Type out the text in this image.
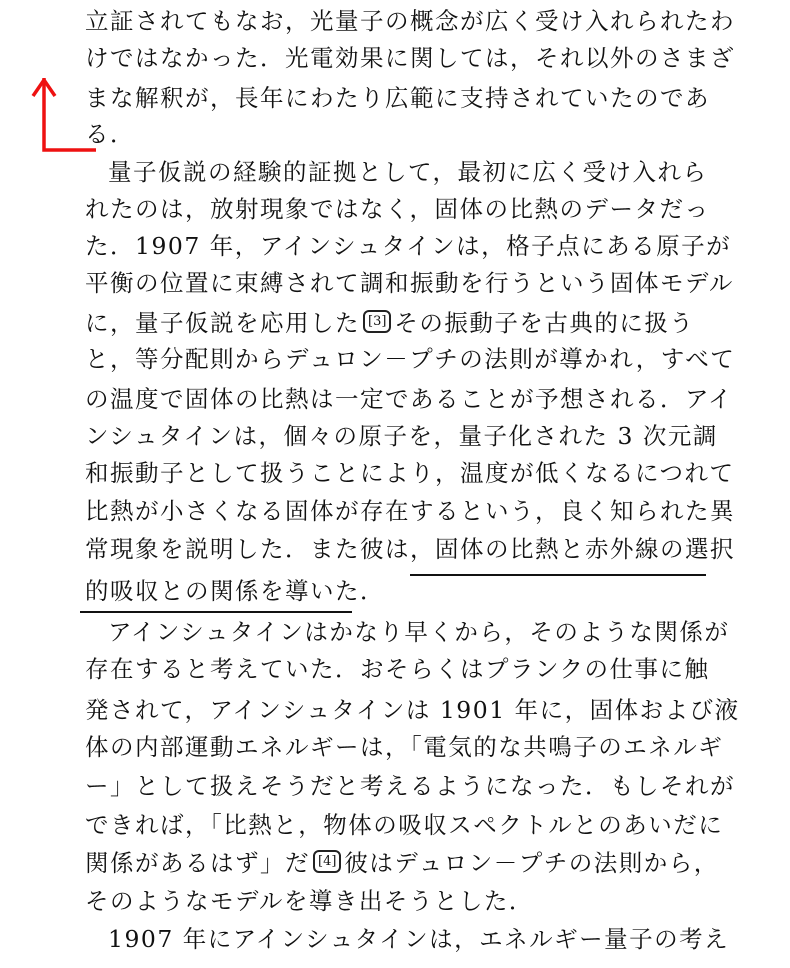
立証されてもなお，光量子の概念が広く受け入れられたわ
けではなかった．光電効果に関しては，それ以外のさまざ
まな解釈が，長年にわたり広範に支持されていたのであ
る．
量子仮説の経験的証拠として，最初に広く受け入れら
れたのは，放射現象ではなく，固体の比熱のデータだっ
た．1907 年，アインシュタインは，格子点にある原子が
平衡の位置に束縛されて調和振動を行うという固体モデル
に，量子仮説を応用した [3] その振動子を古典的に扱う
と，等分配則からデュロン－プチの法則が導かれ，すべて
の温度で固体の比熱は一定であることが予想される．アイ
ンシュタインは，個々の原子を，量子化された 3 次元調
和振動子として扱うことにより，温度が低くなるにつれて
比熱が小さくなる固体が存在するという，良く知られた異
常現象を説明した．また彼は，固体の比熱と赤外線の選択
的吸収との関係を導いた．
アインシュタインはかなり早くから，そのような関係が
存在すると考えていた．おそらくはプランクの仕事に触
発されて，アインシュタインは 1901 年に，固体および液
体の内部運動エネルギーは，「電気的な共鳴子のエネルギ
ー」として扱えそうだと考えるようになった．もしそれが
できれば，「比熱と，物体の吸収スペクトルとのあいだに
関係があるはず」だ [4] 彼はデュロン－プチの法則から，
そのようなモデルを導き出そうとした．
1907 年にアインシュタインは，エネルギー量子の考え
